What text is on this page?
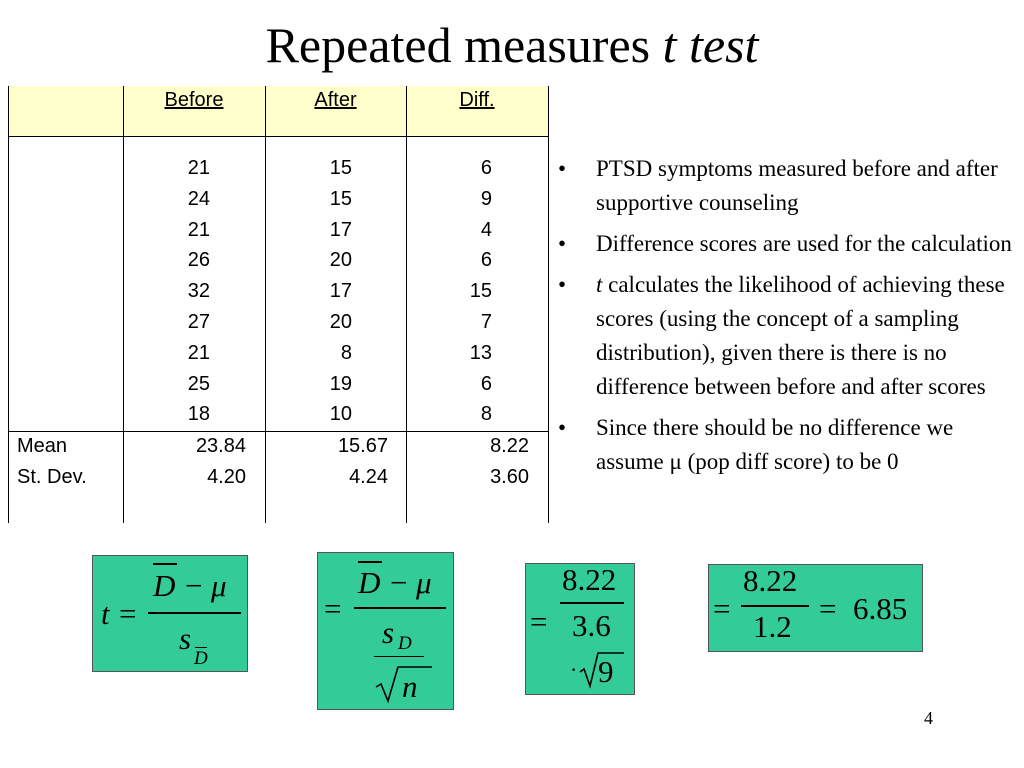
Repeated measures t test
Before	After	Diff.
21
24
21
26
32
27
21
25
18
15
15
17
20
17
20
8
19
10
6
9
4
6
15
7
13
6
8
Mean
St. Dev.
23.84
4.20
15.67
4.24
8.22
3.60
• PTSD symptoms measured before and after supportive counseling
• Difference scores are used for the calculation
• t calculates the likelihood of achieving these scores (using the concept of a sampling distribution), given there is there is no difference between before and after scores
• Since there should be no difference we assume μ (pop diff score) to be 0
t =
D − μ
s
D
=
D − μ
s D
n
=
8.22
3.6
· 9
=
8.22
1.2
= 6.85
4
